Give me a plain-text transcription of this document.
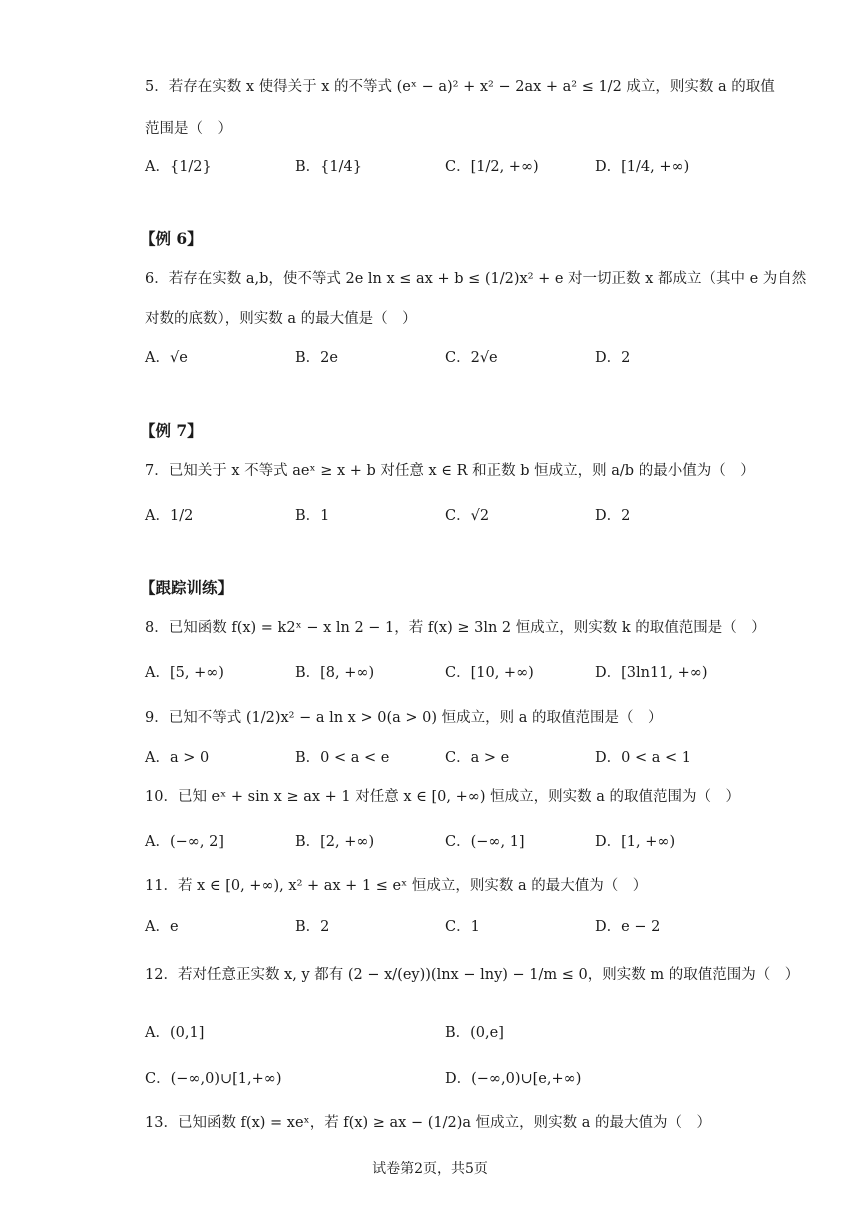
5．若存在实数 x 使得关于 x 的不等式 (eˣ − a)² + x² − 2ax + a² ≤ 1/2 成立，则实数 a 的取值
范围是（　）
A．{1/2}	B．{1/4}	C．[1/2, +∞)	D．[1/4, +∞)
【例 6】
6．若存在实数 a,b，使不等式 2e ln x ≤ ax + b ≤ (1/2)x² + e 对一切正数 x 都成立（其中 e 为自然
对数的底数），则实数 a 的最大值是（　）
A．√e	B．2e	C．2√e	D．2
【例 7】
7．已知关于 x 不等式 aeˣ ≥ x + b 对任意 x ∈ R 和正数 b 恒成立，则 a/b 的最小值为（　）
A．1/2	B．1	C．√2	D．2
【跟踪训练】
8．已知函数 f(x) = k2ˣ − x ln 2 − 1，若 f(x) ≥ 3ln 2 恒成立，则实数 k 的取值范围是（　）
A．[5, +∞)	B．[8, +∞)	C．[10, +∞)	D．[3ln11, +∞)
9．已知不等式 (1/2)x² − a ln x > 0(a > 0) 恒成立，则 a 的取值范围是（　）
A．a > 0	B．0 < a < e	C．a > e	D．0 < a < 1
10．已知 eˣ + sin x ≥ ax + 1 对任意 x ∈ [0, +∞) 恒成立，则实数 a 的取值范围为（　）
A．(−∞, 2]	B．[2, +∞)	C．(−∞, 1]	D．[1, +∞)
11．若 x ∈ [0, +∞), x² + ax + 1 ≤ eˣ 恒成立，则实数 a 的最大值为（　）
A．e	B．2	C．1	D．e − 2
12．若对任意正实数 x, y 都有 (2 − x/(ey))(lnx − lny) − 1/m ≤ 0，则实数 m 的取值范围为（　）
A．(0,1]	B．(0,e]
C．(−∞,0)∪[1,+∞)	D．(−∞,0)∪[e,+∞)
13．已知函数 f(x) = xeˣ，若 f(x) ≥ ax − (1/2)a 恒成立，则实数 a 的最大值为（　）
试卷第2页，共5页
